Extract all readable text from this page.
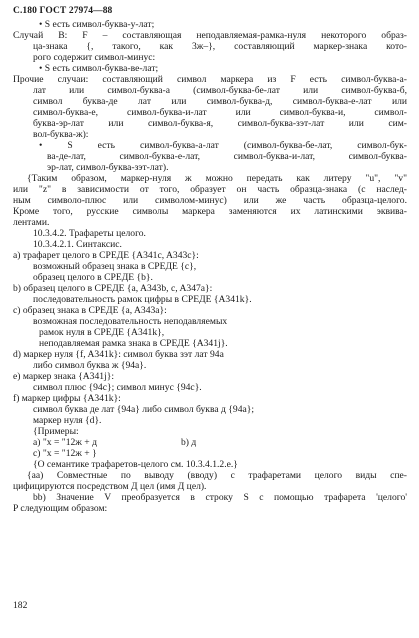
С.180 ГОСТ 27974—88
• S есть символ-буква-у-лат;
Случай В: F – составляющая неподавляемая-рамка-нуля некоторого образ-
ца-знака {, такого, как 3ж–}, составляющий маркер-знака кото-
рого содержит символ-минус:
• S есть символ-буква-ве-лат;
Прочие случаи: составляющий символ маркера из F есть символ-буква-а-
лат или символ-буква-а (символ-буква-бе-лат или символ-буква-б,
символ буква-де лат или символ-буква-д, символ-буква-е-лат или
символ-буква-е, символ-буква-и-лат или символ-буква-и, символ-
буква-эр-лат или символ-буква-я, символ-буква-зэт-лат или сим-
вол-буква-ж):
• S есть символ-буква-а-лат (символ-буква-бе-лат, символ-бук-
ва-де-лат, символ-буква-е-лат, символ-буква-и-лат, символ-буква-
эр-лат, символ-буква-зэт-лат).
{Таким образом, маркер-нуля ж можно передать как литеру "u", "v"
или "z" в зависимости от того, образует он часть образца-знака (с наслед-
ным символо-плюс или символом-минус) или же часть образца-целого.
Кроме того, русские символы маркера заменяются их латинскими эквива-
лентами.
10.3.4.2. Трафареты целого.
10.3.4.2.1. Синтаксис.
a) трафарет целого в СРЕДЕ {A341c, A343c}:
возможный образец знака в СРЕДЕ {c},
образец целого в СРЕДЕ {b}.
b) образец целого в СРЕДЕ {a, A343b, c, A347a}:
последовательность рамок цифры в СРЕДЕ {A341k}.
c) образец знака в СРЕДЕ {a, A343a}:
возможная последовательность неподавляемых
рамок нуля в СРЕДЕ {A341k},
неподавляемая рамка знака в СРЕДЕ {A341j}.
d) маркер нуля {f, A341k}: символ буква зэт лат 94a
либо символ буква ж {94a}.
e) маркер знака {A341j}:
символ плюс {94c}; символ минус {94c}.
f) маркер цифры {A341k}:
символ буква де лат {94a} либо символ буква д {94a};
маркер нуля {d}.
{Примеры:
a) "x = "12ж + д                                   b) д
c) "x = "12ж + }
{О семантике трафаретов-целого см. 10.3.4.1.2.е.}
{aa) Совместные по выводу (вводу) с трафаретами целого виды спе-
цифицируются посредством Д цел (имя Д цел).
bb) Значение V преобразуется в строку S с помощью трафарета 'целого'
P следующим образом:
182
